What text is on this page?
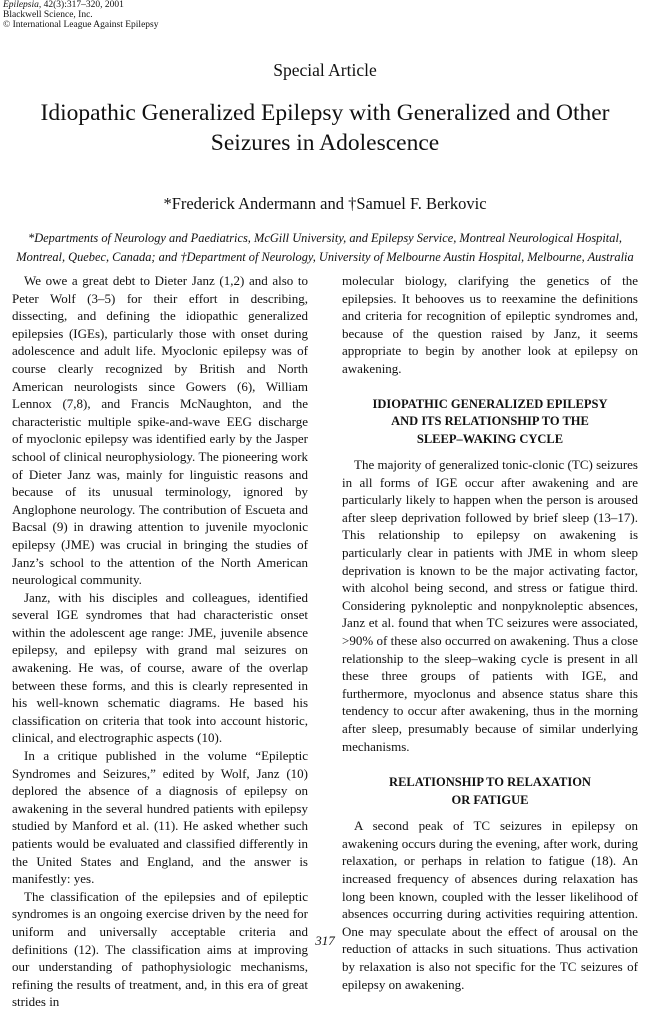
Epilepsia, 42(3):317–320, 2001
Blackwell Science, Inc.
© International League Against Epilepsy
Special Article
Idiopathic Generalized Epilepsy with Generalized and Other
Seizures in Adolescence
*Frederick Andermann and †Samuel F. Berkovic
*Departments of Neurology and Paediatrics, McGill University, and Epilepsy Service, Montreal Neurological Hospital,
Montreal, Quebec, Canada; and †Department of Neurology, University of Melbourne Austin Hospital, Melbourne, Australia

We owe a great debt to Dieter Janz (1,2) and also to Peter Wolf (3–5) for their effort in describing, dissecting, and defining the idiopathic generalized epilepsies (IGEs), particularly those with onset during adolescence and adult life. Myoclonic epilepsy was of course clearly recognized by British and North American neurologists since Gowers (6), William Lennox (7,8), and Francis McNaughton, and the characteristic multiple spike-and-wave EEG discharge of myoclonic epilepsy was identified early by the Jasper school of clinical neurophysiology. The pioneering work of Dieter Janz was, mainly for linguistic reasons and because of its unusual terminology, ignored by Anglophone neurology. The contribution of Escueta and Bacsal (9) in drawing attention to juvenile myoclonic epilepsy (JME) was crucial in bringing the studies of Janz’s school to the attention of the North American neurological community.

Janz, with his disciples and colleagues, identified several IGE syndromes that had characteristic onset within the adolescent age range: JME, juvenile absence epilepsy, and epilepsy with grand mal seizures on awakening. He was, of course, aware of the overlap between these forms, and this is clearly represented in his well-known schematic diagrams. He based his classification on criteria that took into account historic, clinical, and electrographic aspects (10).

In a critique published in the volume “Epileptic Syndromes and Seizures,” edited by Wolf, Janz (10) deplored the absence of a diagnosis of epilepsy on awakening in the several hundred patients with epilepsy studied by Manford et al. (11). He asked whether such patients would be evaluated and classified differently in the United States and England, and the answer is manifestly: yes.

The classification of the epilepsies and of epileptic syndromes is an ongoing exercise driven by the need for uniform and universally acceptable criteria and definitions (12). The classification aims at improving our understanding of pathophysiologic mechanisms, refining the results of treatment, and, in this era of great strides in

molecular biology, clarifying the genetics of the epilepsies. It behooves us to reexamine the definitions and criteria for recognition of epileptic syndromes and, because of the question raised by Janz, it seems appropriate to begin by another look at epilepsy on awakening.

IDIOPATHIC GENERALIZED EPILEPSY
AND ITS RELATIONSHIP TO THE
SLEEP–WAKING CYCLE

The majority of generalized tonic-clonic (TC) seizures in all forms of IGE occur after awakening and are particularly likely to happen when the person is aroused after sleep deprivation followed by brief sleep (13–17). This relationship to epilepsy on awakening is particularly clear in patients with JME in whom sleep deprivation is known to be the major activating factor, with alcohol being second, and stress or fatigue third. Considering pyknoleptic and nonpyknoleptic absences, Janz et al. found that when TC seizures were associated, >90% of these also occurred on awakening. Thus a close relationship to the sleep–waking cycle is present in all these three groups of patients with IGE, and furthermore, myoclonus and absence status share this tendency to occur after awakening, thus in the morning after sleep, presumably because of similar underlying mechanisms.

RELATIONSHIP TO RELAXATION
OR FATIGUE

A second peak of TC seizures in epilepsy on awakening occurs during the evening, after work, during relaxation, or perhaps in relation to fatigue (18). An increased frequency of absences during relaxation has long been known, coupled with the lesser likelihood of absences occurring during activities requiring attention. One may speculate about the effect of arousal on the reduction of attacks in such situations. Thus activation by relaxation is also not specific for the TC seizures of epilepsy on awakening.

317
